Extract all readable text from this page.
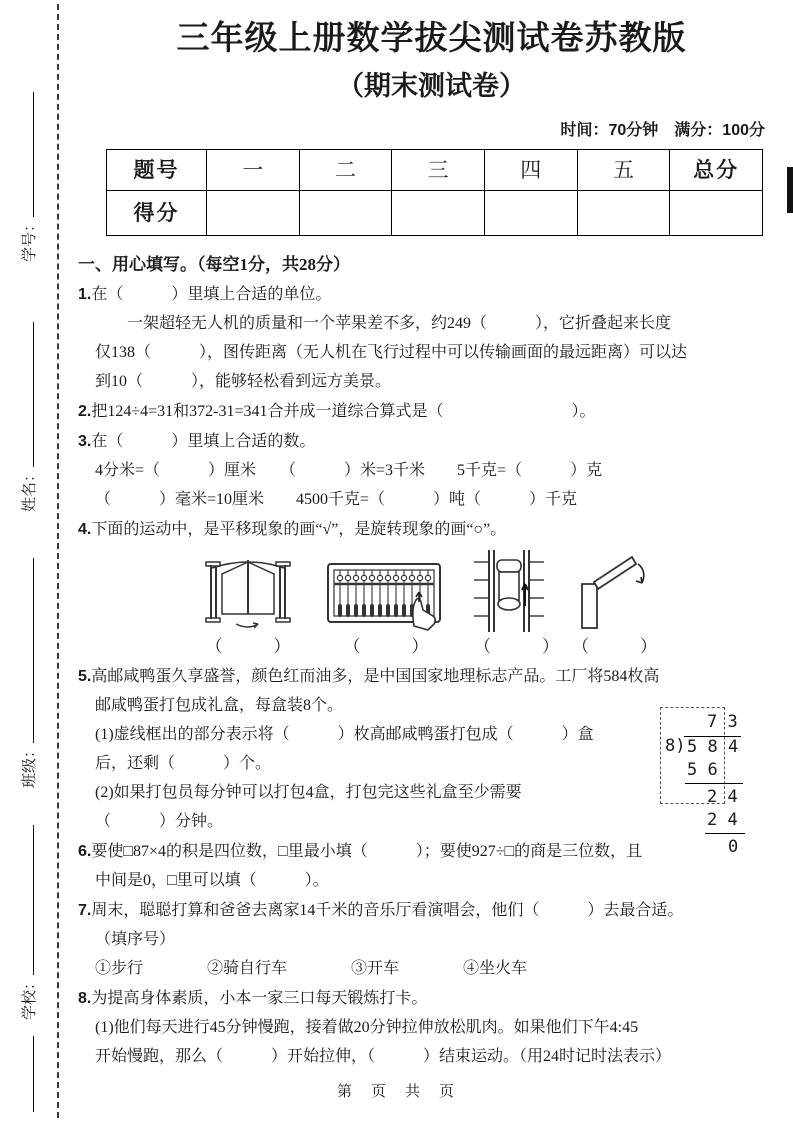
学号：
姓名：
班级：
学校：
三年级上册数学拔尖测试卷苏教版
（期末测试卷）
时间：70分钟　满分：100分
题号	一	二	三	四	五	总分
得分						
一、用心填写。（每空1分，共28分）
1.在（　　　）里填上合适的单位。
一架超轻无人机的质量和一个苹果差不多，约249（　　　），它折叠起来长度
仅138（　　　），图传距离（无人机在飞行过程中可以传输画面的最远距离）可以达
到10（　　　），能够轻松看到远方美景。
2.把124÷4=31和372-31=341合并成一道综合算式是（　　　　　　　　）。
3.在（　　　）里填上合适的数。
4分米=（　　　）厘米　　（　　　）米=3千米　　5千克=（　　　）克
（　　　）毫米=10厘米　　4500千克=（　　　）吨（　　　）千克
4.下面的运动中，是平移现象的画“√”，是旋转现象的画“○”。
（　　　）	（　　　）	（　　　） （　　　）
5.高邮咸鸭蛋久享盛誉，颜色红而油多，是中国国家地理标志产品。工厂将584枚高
邮咸鸭蛋打包成礼盒，每盒装8个。
(1)虚线框出的部分表示将（　　　）枚高邮咸鸭蛋打包成（　　　）盒
后，还剩（　　　）个。
(2)如果打包员每分钟可以打包4盒，打包完这些礼盒至少需要
（　　　）分钟。
7 3
8) 5 8 4
5 6
2 4
2 4
0
6.要使□87×4的积是四位数，□里最小填（　　　）；要使927÷□的商是三位数，且
中间是0，□里可以填（　　　）。
7.周末，聪聪打算和爸爸去离家14千米的音乐厅看演唱会，他们（　　　）去最合适。
（填序号）
①步行　　　　②骑自行车　　　　③开车　　　　④坐火车
8.为提高身体素质，小本一家三口每天锻炼打卡。
(1)他们每天进行45分钟慢跑，接着做20分钟拉伸放松肌肉。如果他们下午4:45
开始慢跑，那么（　　　）开始拉伸，（　　　）结束运动。（用24时记时法表示）
第　页　共　页
